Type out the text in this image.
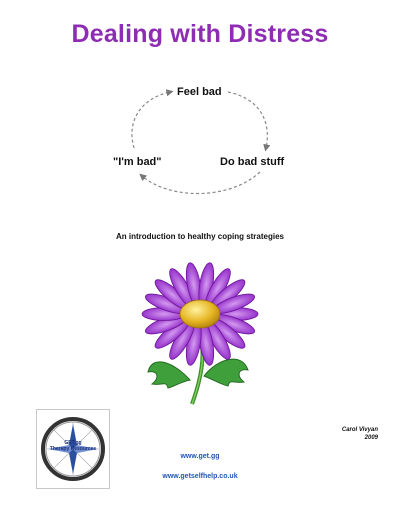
Dealing with Distress
Feel bad
"I'm bad"	Do bad stuff
An introduction to healthy coping strategies
GET.gg
Therapy Resources
Carol Vivyan
2009
www.get.gg
www.getselfhelp.co.uk
